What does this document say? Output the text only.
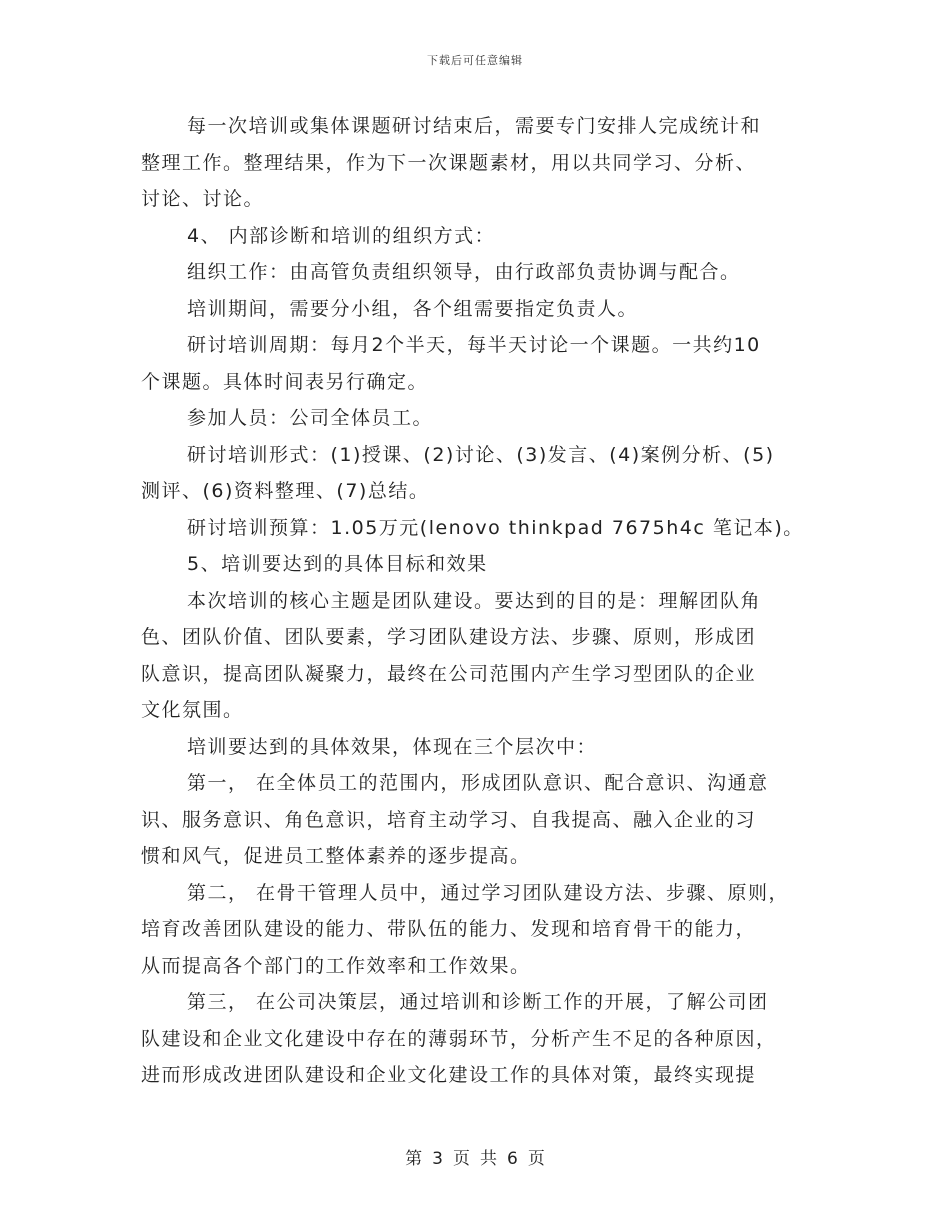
下载后可任意编辑
每一次培训或集体课题研讨结束后，需要专门安排人完成统计和
整理工作。整理结果，作为下一次课题素材，用以共同学习、分析、
讨论、讨论。
4、 内部诊断和培训的组织方式：
组织工作：由高管负责组织领导，由行政部负责协调与配合。
培训期间，需要分小组，各个组需要指定负责人。
研讨培训周期：每月2个半天，每半天讨论一个课题。一共约10
个课题。具体时间表另行确定。
参加人员：公司全体员工。
研讨培训形式：(1)授课、(2)讨论、(3)发言、(4)案例分析、(5)
测评、(6)资料整理、(7)总结。
研讨培训预算：1.05万元(lenovo thinkpad 7675h4c 笔记本)。
5、培训要达到的具体目标和效果
本次培训的核心主题是团队建设。要达到的目的是：理解团队角
色、团队价值、团队要素，学习团队建设方法、步骤、原则，形成团
队意识，提高团队凝聚力，最终在公司范围内产生学习型团队的企业
文化氛围。
培训要达到的具体效果，体现在三个层次中：
第一， 在全体员工的范围内，形成团队意识、配合意识、沟通意
识、服务意识、角色意识，培育主动学习、自我提高、融入企业的习
惯和风气，促进员工整体素养的逐步提高。
第二， 在骨干管理人员中，通过学习团队建设方法、步骤、原则，
培育改善团队建设的能力、带队伍的能力、发现和培育骨干的能力，
从而提高各个部门的工作效率和工作效果。
第三， 在公司决策层，通过培训和诊断工作的开展，了解公司团
队建设和企业文化建设中存在的薄弱环节，分析产生不足的各种原因，
进而形成改进团队建设和企业文化建设工作的具体对策，最终实现提
第 3 页 共 6 页
